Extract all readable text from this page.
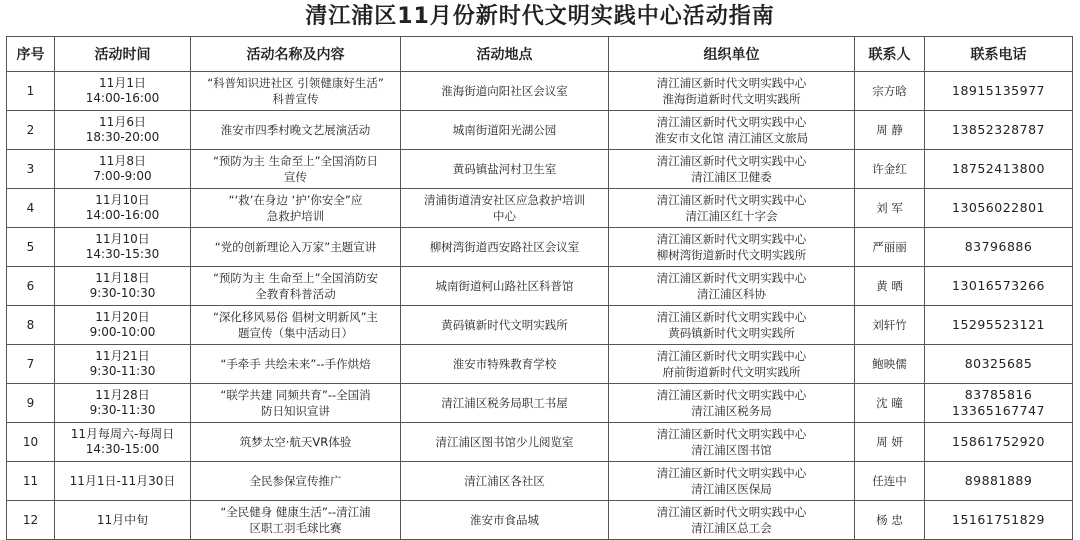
清江浦区11月份新时代文明实践中心活动指南
序号	活动时间	活动名称及内容	活动地点	组织单位	联系人	联系电话
1	11月1日
14:00-16:00	“科普知识进社区 引领健康好生活”
科普宣传	淮海街道向阳社区会议室	清江浦区新时代文明实践中心
淮海街道新时代文明实践所	宗方晗	18915135977

2	11月6日
18:30-20:00	淮安市四季村晚文艺展演活动	城南街道阳光湖公园	清江浦区新时代文明实践中心
淮安市文化馆 清江浦区文旅局	周 静	13852328787

3	11月8日
7:00-9:00	“预防为主 生命至上”全国消防日
宣传	黄码镇盐河村卫生室	清江浦区新时代文明实践中心
清江浦区卫健委	许金红	18752413800

4	11月10日
14:00-16:00	“‘救’在身边 ‘护’你安全”应
急救护培训	清浦街道清安社区应急救护培训
中心	清江浦区新时代文明实践中心
清江浦区红十字会	刘 军	13056022801

5	11月10日
14:30-15:30	“党的创新理论入万家”主题宣讲	柳树湾街道西安路社区会议室	清江浦区新时代文明实践中心
柳树湾街道新时代文明实践所	严丽丽	83796886

6	11月18日
9:30-10:30	“预防为主 生命至上”全国消防安
全教育科普活动	城南街道柯山路社区科普馆	清江浦区新时代文明实践中心
清江浦区科协	黄 晒	13016573266

8	11月20日
9:00-10:00	“深化移风易俗 倡树文明新风”主
题宣传（集中活动日）	黄码镇新时代文明实践所	清江浦区新时代文明实践中心
黄码镇新时代文明实践所	刘轩竹	15295523121

7	11月21日
9:30-11:30	“手牵手 共绘未来”--手作烘焙	淮安市特殊教育学校	清江浦区新时代文明实践中心
府前街道新时代文明实践所	鲍映儒	80325685

9	11月28日
9:30-11:30	“联学共建 同频共育”--全国消
防日知识宣讲	清江浦区税务局职工书屋	清江浦区新时代文明实践中心
清江浦区税务局	沈 曈	83785816
13365167747

10	11月每周六-每周日
14:30-15:00	筑梦太空·航天VR体验	清江浦区图书馆少儿阅览室	清江浦区新时代文明实践中心
清江浦区图书馆	周 妍	15861752920

11	11月1日-11月30日	全民参保宣传推广	清江浦区各社区	清江浦区新时代文明实践中心
清江浦区医保局	任连中	89881889

12	11月中旬	“全民健身 健康生活”--清江浦
区职工羽毛球比赛	淮安市食品城	清江浦区新时代文明实践中心
清江浦区总工会	杨 忠	15161751829
